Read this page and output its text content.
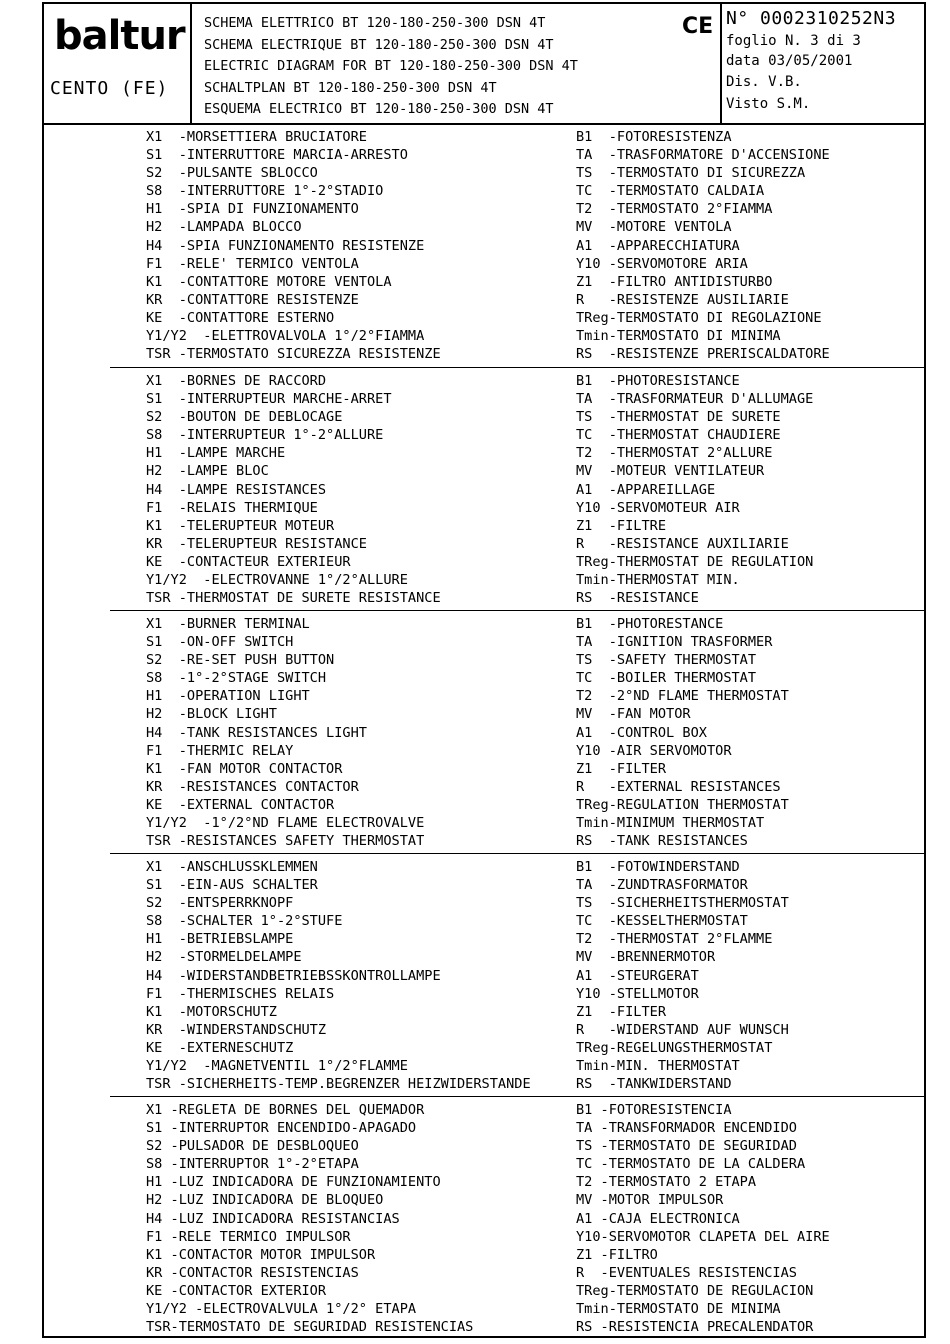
baltur
CENTO (FE)
SCHEMA ELETTRICO BT 120-180-250-300 DSN 4T
SCHEMA ELECTRIQUE BT 120-180-250-300 DSN 4T
ELECTRIC DIAGRAM FOR BT 120-180-250-300 DSN 4T
SCHALTPLAN BT 120-180-250-300 DSN 4T
ESQUEMA ELECTRICO BT 120-180-250-300 DSN 4T
CE N° 0002310252N3
foglio N. 3 di 3
data 03/05/2001
Dis. V.B.
Visto S.M.
X1  -MORSETTIERA BRUCIATORE
S1  -INTERRUTTORE MARCIA-ARRESTO
S2  -PULSANTE SBLOCCO
S8  -INTERRUTTORE 1°-2°STADIO
H1  -SPIA DI FUNZIONAMENTO
H2  -LAMPADA BLOCCO
H4  -SPIA FUNZIONAMENTO RESISTENZE
F1  -RELE' TERMICO VENTOLA
K1  -CONTATTORE MOTORE VENTOLA
KR  -CONTATTORE RESISTENZE
KE  -CONTATTORE ESTERNO
Y1/Y2  -ELETTROVALVOLA 1°/2°FIAMMA
TSR -TERMOSTATO SICUREZZA RESISTENZE
B1  -FOTORESISTENZA
TA  -TRASFORMATORE D'ACCENSIONE
TS  -TERMOSTATO DI SICUREZZA
TC  -TERMOSTATO CALDAIA
T2  -TERMOSTATO 2°FIAMMA
MV  -MOTORE VENTOLA
A1  -APPARECCHIATURA
Y10 -SERVOMOTORE ARIA
Z1  -FILTRO ANTIDISTURBO
R   -RESISTENZE AUSILIARIE
TReg-TERMOSTATO DI REGOLAZIONE
Tmin-TERMOSTATO DI MINIMA
RS  -RESISTENZE PRERISCALDATORE
X1  -BORNES DE RACCORD
S1  -INTERRUPTEUR MARCHE-ARRET
S2  -BOUTON DE DEBLOCAGE
S8  -INTERRUPTEUR 1°-2°ALLURE
H1  -LAMPE MARCHE
H2  -LAMPE BLOC
H4  -LAMPE RESISTANCES
F1  -RELAIS THERMIQUE
K1  -TELERUPTEUR MOTEUR
KR  -TELERUPTEUR RESISTANCE
KE  -CONTACTEUR EXTERIEUR
Y1/Y2  -ELECTROVANNE 1°/2°ALLURE
TSR -THERMOSTAT DE SURETE RESISTANCE
B1  -PHOTORESISTANCE
TA  -TRASFORMATEUR D'ALLUMAGE
TS  -THERMOSTAT DE SURETE
TC  -THERMOSTAT CHAUDIERE
T2  -THERMOSTAT 2°ALLURE
MV  -MOTEUR VENTILATEUR
A1  -APPAREILLAGE
Y10 -SERVOMOTEUR AIR
Z1  -FILTRE
R   -RESISTANCE AUXILIARIE
TReg-THERMOSTAT DE REGULATION
Tmin-THERMOSTAT MIN.
RS  -RESISTANCE
X1  -BURNER TERMINAL
S1  -ON-OFF SWITCH
S2  -RE-SET PUSH BUTTON
S8  -1°-2°STAGE SWITCH
H1  -OPERATION LIGHT
H2  -BLOCK LIGHT
H4  -TANK RESISTANCES LIGHT
F1  -THERMIC RELAY
K1  -FAN MOTOR CONTACTOR
KR  -RESISTANCES CONTACTOR
KE  -EXTERNAL CONTACTOR
Y1/Y2  -1°/2°ND FLAME ELECTROVALVE
TSR -RESISTANCES SAFETY THERMOSTAT
B1  -PHOTORESTANCE
TA  -IGNITION TRASFORMER
TS  -SAFETY THERMOSTAT
TC  -BOILER THERMOSTAT
T2  -2°ND FLAME THERMOSTAT
MV  -FAN MOTOR
A1  -CONTROL BOX
Y10 -AIR SERVOMOTOR
Z1  -FILTER
R   -EXTERNAL RESISTANCES
TReg-REGULATION THERMOSTAT
Tmin-MINIMUM THERMOSTAT
RS  -TANK RESISTANCES
X1  -ANSCHLUSSKLEMMEN
S1  -EIN-AUS SCHALTER
S2  -ENTSPERRKNOPF
S8  -SCHALTER 1°-2°STUFE
H1  -BETRIEBSLAMPE
H2  -STORMELDELAMPE
H4  -WIDERSTANDBETRIEBSSKONTROLLAMPE
F1  -THERMISCHES RELAIS
K1  -MOTORSCHUTZ
KR  -WINDERSTANDSCHUTZ
KE  -EXTERNESCHUTZ
Y1/Y2  -MAGNETVENTIL 1°/2°FLAMME
TSR -SICHERHEITS-TEMP.BEGRENZER HEIZWIDERSTANDE
B1  -FOTOWINDERSTAND
TA  -ZUNDTRASFORMATOR
TS  -SICHERHEITSTHERMOSTAT
TC  -KESSELTHERMOSTAT
T2  -THERMOSTAT 2°FLAMME
MV  -BRENNERMOTOR
A1  -STEURGERAT
Y10 -STELLMOTOR
Z1  -FILTER
R   -WIDERSTAND AUF WUNSCH
TReg-REGELUNGSTHERMOSTAT
Tmin-MIN. THERMOSTAT
RS  -TANKWIDERSTAND
X1 -REGLETA DE BORNES DEL QUEMADOR
S1 -INTERRUPTOR ENCENDIDO-APAGADO
S2 -PULSADOR DE DESBLOQUEO
S8 -INTERRUPTOR 1°-2°ETAPA
H1 -LUZ INDICADORA DE FUNZIONAMIENTO
H2 -LUZ INDICADORA DE BLOQUEO
H4 -LUZ INDICADORA RESISTANCIAS
F1 -RELE TERMICO IMPULSOR
K1 -CONTACTOR MOTOR IMPULSOR
KR -CONTACTOR RESISTENCIAS
KE -CONTACTOR EXTERIOR
Y1/Y2 -ELECTROVALVULA 1°/2° ETAPA
TSR-TERMOSTATO DE SEGURIDAD RESISTENCIAS
B1 -FOTORESISTENCIA
TA -TRANSFORMADOR ENCENDIDO
TS -TERMOSTATO DE SEGURIDAD
TC -TERMOSTATO DE LA CALDERA
T2 -TERMOSTATO 2 ETAPA
MV -MOTOR IMPULSOR
A1 -CAJA ELECTRONICA
Y10-SERVOMOTOR CLAPETA DEL AIRE
Z1 -FILTRO
R  -EVENTUALES RESISTENCIAS
TReg-TERMOSTATO DE REGULACION
Tmin-TERMOSTATO DE MINIMA
RS -RESISTENCIA PRECALENDATOR
